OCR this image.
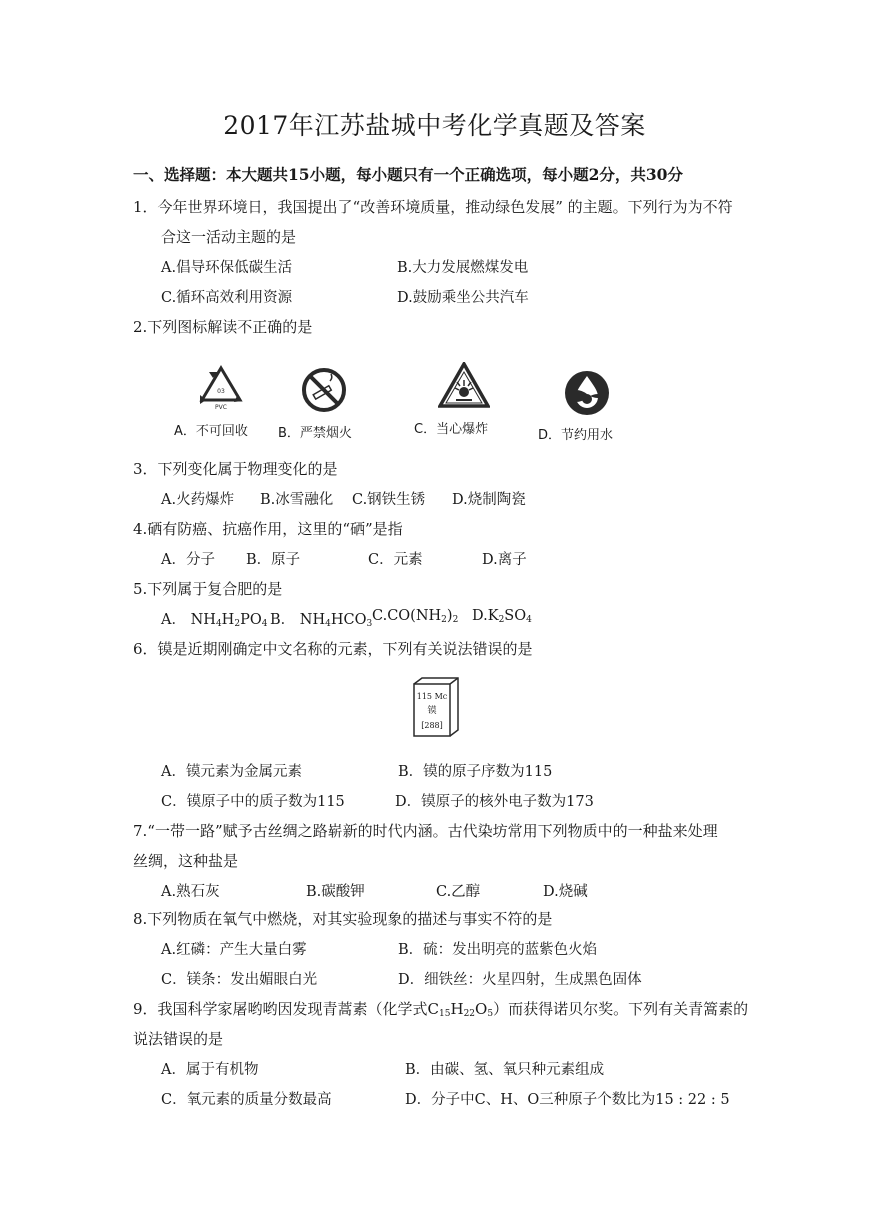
2017年江苏盐城中考化学真题及答案
一、选择题：本大题共15小题，每小题只有一个正确选项，每小题2分，共30分
1．今年世界环境日，我国提出了“改善环境质量，推动绿色发展” 的主题。下列行为为不符
合这一活动主题的是
A.倡导环保低碳生活	B.大力发展燃煤发电
C.循环高效利用资源	D.鼓励乘坐公共汽车
2.下列图标解读不正确的是
03
PVC
A．不可回收 B．严禁烟火	C．当心爆炸	D．节约用水
3．下列变化属于物理变化的是
A.火药爆炸 B.冰雪融化 C.钢铁生锈 D.烧制陶瓷
4.硒有防癌、抗癌作用，这里的“硒”是指
A．分子 B．原子	C．元素	D.离子
5.下列属于复合肥的是
A． $NH_4H_2PO_4$ B． $NH_4HCO_3$ $C.CO(NH_2)_2$ $D.K_2SO_4$
6．镆是近期刚确定中文名称的元素，下列有关说法错误的是
115 Mc
镆
[288]
A．镆元素为金属元素	B．镆的原子序数为115
C．镆原子中的质子数为115	D．镆原子的核外电子数为173
7.“一带一路”赋予古丝绸之路崭新的时代内涵。古代染坊常用下列物质中的一种盐来处理
丝绸，这种盐是
A.熟石灰	B.碳酸钾	C.乙醇	D.烧碱
8.下列物质在氧气中燃烧，对其实验现象的描述与事实不符的是
A.红磷：产生大量白雾	B．硫：发出明亮的蓝紫色火焰
C．镁条：发出媚眼白光	D．细铁丝：火星四射，生成黑色固体
9．我国科学家屠哟哟因发现青蒿素（化学式$C_{15}H_{22}O_5$）而获得诺贝尔奖。下列有关青篙素的
说法错误的是
A．属于有机物	B．由碳、氢、氧只种元素组成
C．氧元素的质量分数最高	D．分子中C、H、O三种原子个数比为15 : 22 : 5
